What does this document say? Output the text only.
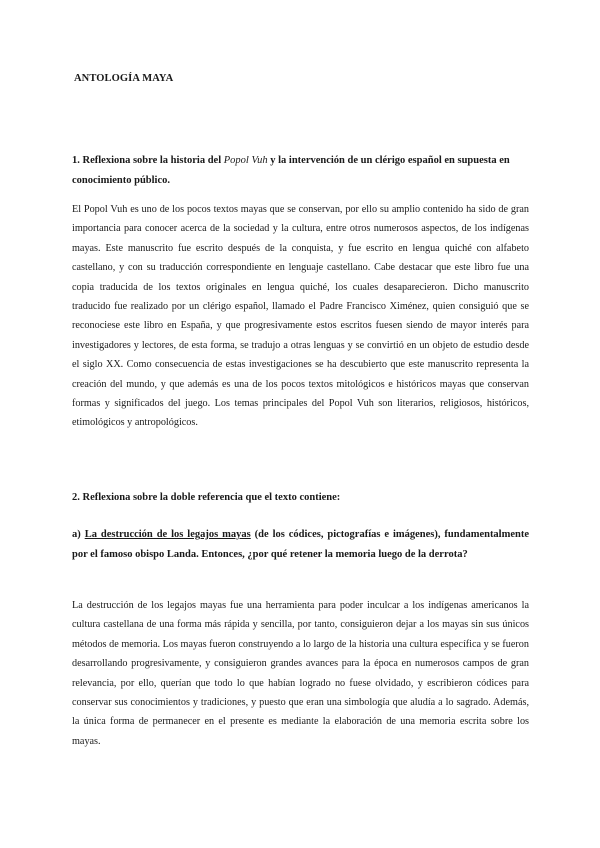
ANTOLOGÍA MAYA
1. Reflexiona sobre la historia del Popol Vuh y la intervención de un clérigo español en supuesta en conocimiento público.
El Popol Vuh es uno de los pocos textos mayas que se conservan, por ello su amplio contenido ha sido de gran importancia para conocer acerca de la sociedad y la cultura, entre otros numerosos aspectos, de los indígenas mayas. Este manuscrito fue escrito después de la conquista, y fue escrito en lengua quiché con alfabeto castellano, y con su traducción correspondiente en lenguaje castellano. Cabe destacar que este libro fue una copia traducida de los textos originales en lengua quiché, los cuales desaparecieron. Dicho manuscrito traducido fue realizado por un clérigo español, llamado el Padre Francisco Ximénez, quien consiguió que se reconociese este libro en España, y que progresivamente estos escritos fuesen siendo de mayor interés para investigadores y lectores, de esta forma, se tradujo a otras lenguas y se convirtió en un objeto de estudio desde el siglo XX. Como consecuencia de estas investigaciones se ha descubierto que este manuscrito representa la creación del mundo, y que además es una de los pocos textos mitológicos e históricos mayas que conservan formas y significados del juego. Los temas principales del Popol Vuh son literarios, religiosos, históricos, etimológicos y antropológicos.
2. Reflexiona sobre la doble referencia que el texto contiene:
a) La destrucción de los legajos mayas (de los códices, pictografías e imágenes), fundamentalmente por el famoso obispo Landa. Entonces, ¿por qué retener la memoria luego de la derrota?
La destrucción de los legajos mayas fue una herramienta para poder inculcar a los indígenas americanos la cultura castellana de una forma más rápida y sencilla, por tanto, consiguieron dejar a los mayas sin sus únicos métodos de memoria. Los mayas fueron construyendo a lo largo de la historia una cultura específica y se fueron desarrollando progresivamente, y consiguieron grandes avances para la época en numerosos campos de gran relevancia, por ello, querían que todo lo que habían logrado no fuese olvidado, y escribieron códices para conservar sus conocimientos y tradiciones, y puesto que eran una simbología que aludía a lo sagrado. Además, la única forma de permanecer en el presente es mediante la elaboración de una memoria escrita sobre los mayas.
